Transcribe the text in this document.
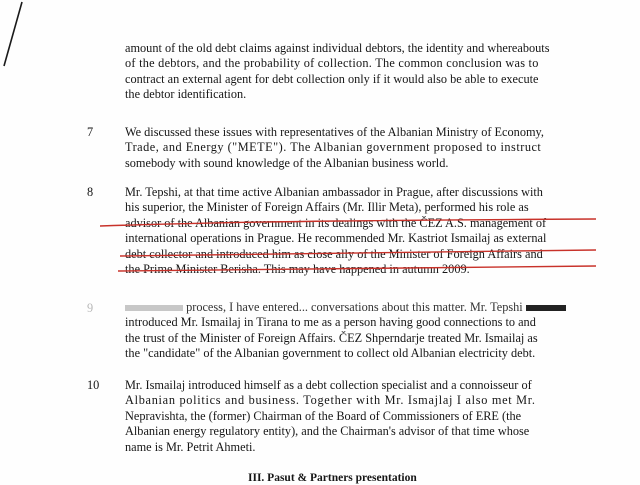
amount of the old debt claims against individual debtors, the identity and whereabouts
of the debtors, and the probability of collection. The common conclusion was to
contract an external agent for debt collection only if it would also be able to execute
the debtor identification.
7	We discussed these issues with representatives of the Albanian Ministry of Economy,
Trade, and Energy ("METE"). The Albanian government proposed to instruct
somebody with sound knowledge of the Albanian business world.
8	Mr. Tepshi, at that time active Albanian ambassador in Prague, after discussions with
his superior, the Minister of Foreign Affairs (Mr. Illir Meta), performed his role as
advisor of the Albanian government in its dealings with the ČEZ A.S. management of
international operations in Prague. He recommended Mr. Kastriot Ismailaj as external
debt collector and introduced him as close ally of the Minister of Foreign Affairs and
the Prime Minister Berisha. This may have happened in autumn 2009.
9	process, I have entered... conversations about this matter. Mr. Tepshi
introduced Mr. Ismailaj in Tirana to me as a person having good connections to and
the trust of the Minister of Foreign Affairs. ČEZ Shperndarje treated Mr. Ismailaj as
the "candidate" of the Albanian government to collect old Albanian electricity debt.
10 Mr. Ismailaj introduced himself as a debt collection specialist and a connoisseur of
Albanian politics and business. Together with Mr. Ismajlaj I also met Mr.
Nepravishta, the (former) Chairman of the Board of Commissioners of ERE (the
Albanian energy regulatory entity), and the Chairman's advisor of that time whose
name is Mr. Petrit Ahmeti.
III. Pasut & Partners presentation
